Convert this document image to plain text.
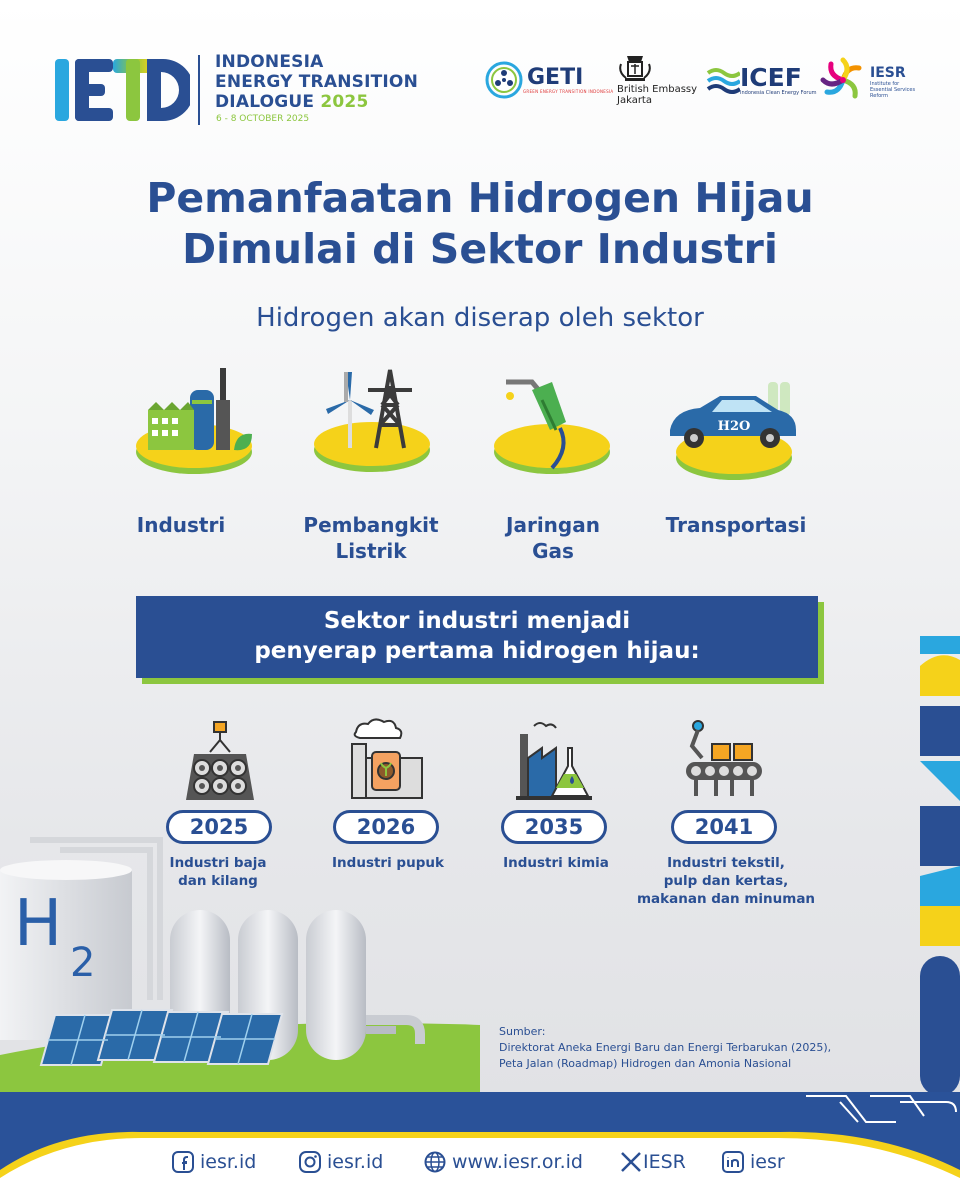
INDONESIA
ENERGY TRANSITION
DIALOGUE 2025
6 - 8 OCTOBER 2025
GETI
GREEN ENERGY TRANSITION INDONESIA British Embassy
Jakarta
ICEF
Indonesia Clean Energy Forum
IESR
Institute for
Essential Services
Reform
Pemanfaatan Hidrogen Hijau
Dimulai di Sektor Industri
Hidrogen akan diserap oleh sektor
H2O
Industri	Pembangkit
Listrik
Jaringan
Gas
Transportasi
Sektor industri menjadi
penyerap pertama hidrogen hijau:
2025	2026	2035	2041
Industri baja
dan kilang
Industri pupuk	Industri kimia	Industri tekstil,
pulp dan kertas,
makanan dan minuman
H
2
Sumber:
Direktorat Aneka Energi Baru dan Energi Terbarukan (2025),
Peta Jalan (Roadmap) Hidrogen dan Amonia Nasional
iesr.id	iesr.id	www.iesr.or.id	IESR	iesr
